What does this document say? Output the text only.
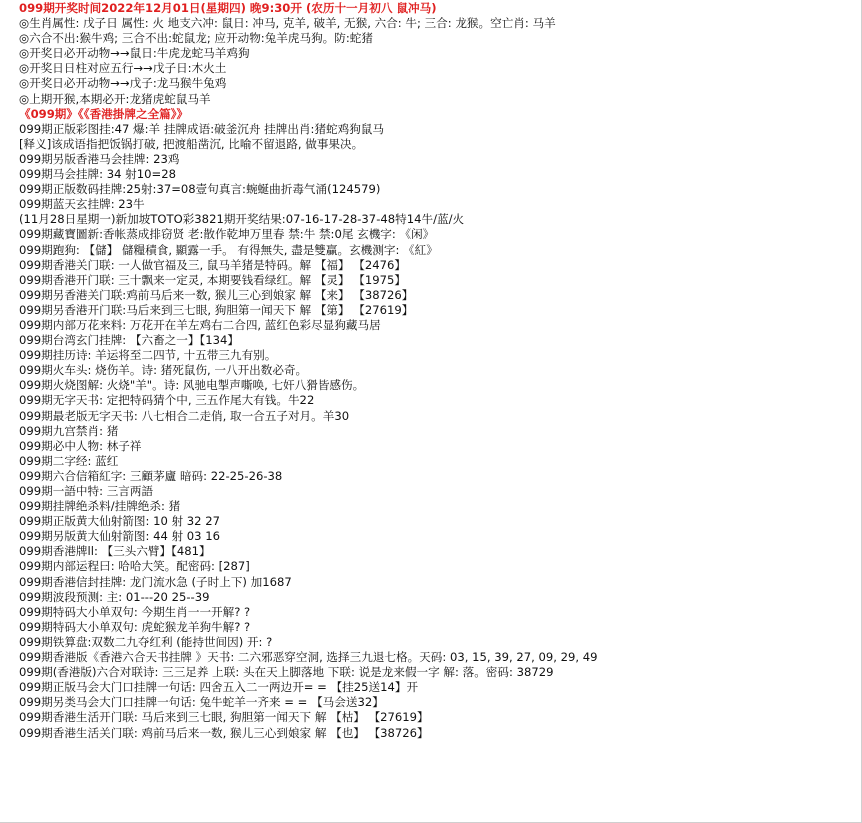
099期开奖时间2022年12月01日(星期四) 晚9:30开 (农历十一月初八 鼠冲马)
◎生肖属性: 戊子日 属性: 火 地支六冲: 鼠日: 冲马, 克羊, 破羊, 无猴, 六合: 牛; 三合: 龙猴。空亡肖: 马羊
◎六合不出:猴牛鸡; 三合不出:蛇鼠龙; 应开动物:兔羊虎马狗。防:蛇猪
◎开奖日必开动物→→鼠日:牛虎龙蛇马羊鸡狗
◎开奖日日柱对应五行→→戊子日:木火土
◎开奖日必开动物→→戊子:龙马猴牛兔鸡
◎上期开猴,本期必开:龙猪虎蛇鼠马羊
《099期》《《香港掛牌之全篇》》
099期正版彩图挂:47 爆:羊 挂牌成语:破釜沉舟 挂牌出肖:猪蛇鸡狗鼠马
[释义]该成语指把饭锅打破, 把渡船凿沉, 比喻不留退路, 做事果决。
099期另版香港马会挂牌: 23鸡
099期马会挂牌: 34 射10=28
099期正版数码挂牌:25射:37=08壹句真言:蜿蜒曲折毒气涌(124579)
099期蓝天玄挂牌: 23牛
(11月28日星期一)新加坡TOTO彩3821期开奖结果:07-16-17-28-37-48特14牛/蓝/火
099期藏寶圖新:香帐蒸成排窃贤 老:散作乾坤万里春 禁:牛 禁:0尾 玄機字: 《闲》
099期跑狗: 【儲】 儲糧積食, 顯露一手。 有得無失, 盡是雙贏。玄機测字: 《紅》
099期香港关门联: 一人做官福及三, 鼠马羊猪是特码。解 【福】 【2476】
099期香港开门联: 三十飘来一定灵, 本期要钱看绿红。解 【灵】 【1975】
099期另香港关门联:鸡前马后来一数, 猴儿三心到娘家 解 【来】 【38726】
099期另香港开门联:马后来到三七眼, 狗胆第一闻天下 解 【第】 【27619】
099期内部万花来料: 万花开在羊左鸡右二合四, 蓝红色彩尽显狗藏马居
099期台湾玄门挂牌: 【六畜之一】【134】
099期挂历诗: 羊运将至二四节, 十五带三九有别。
099期火车头: 烧伤羊。诗: 猪死鼠伤, 一八开出数必奇。
099期火烧图解: 火烧"羊"。诗: 风驰电掣声嘶唤, 七奸八猾皆感伤。
099期无字天书: 定把特码猜个中, 三五作尾大有钱。牛22
099期最老版无字天书: 八七相合二走俏, 取一合五子对月。羊30
099期九宫禁肖: 猪
099期必中人物: 林子祥
099期二字经: 蓝红
099期六合信箱紅字: 三顧茅廬 暗码: 22-25-26-38
099期一語中特: 三言两語
099期挂牌绝杀料/挂牌绝杀: 猪
099期正版黄大仙射箭图: 10 射 32 27
099期另版黄大仙射箭图: 44 射 03 16
099期香港牌ll: 【三头六臂】【481】
099期内部运程曰: 哈哈大笑。配密码: [287]
099期香港信封挂牌: 龙门流水急 (子时上下) 加1687
099期波段预测: 主: 01---20 25--39
099期特码大小单双句: 今期生肖一一开解? ?
099期特码大小单双句: 虎蛇猴龙羊狗牛解? ?
099期铁算盘:双数二九夺红利 (能持世间因) 开: ?
099期香港版《香港六合天书挂牌 》天书: 二六邪恶穿空洞, 选择三九退七格。天码: 03, 15, 39, 27, 09, 29, 49
099期(香港版)六合对联诗: 三三足养 上联: 头在天上脚落地 下联: 说是龙来假一字 解: 落。密码: 38729
099期正版马会大门口挂牌一句话: 四舍五入二一两边开= = 【挂25送14】开
099期另类马会大门口挂牌一句话: 兔牛蛇羊一齐来 = = 【马会送32】
099期香港生活开门联: 马后来到三七眼, 狗胆第一闻天下 解 【枯】 【27619】
099期香港生活关门联: 鸡前马后来一数, 猴儿三心到娘家 解 【也】 【38726】
